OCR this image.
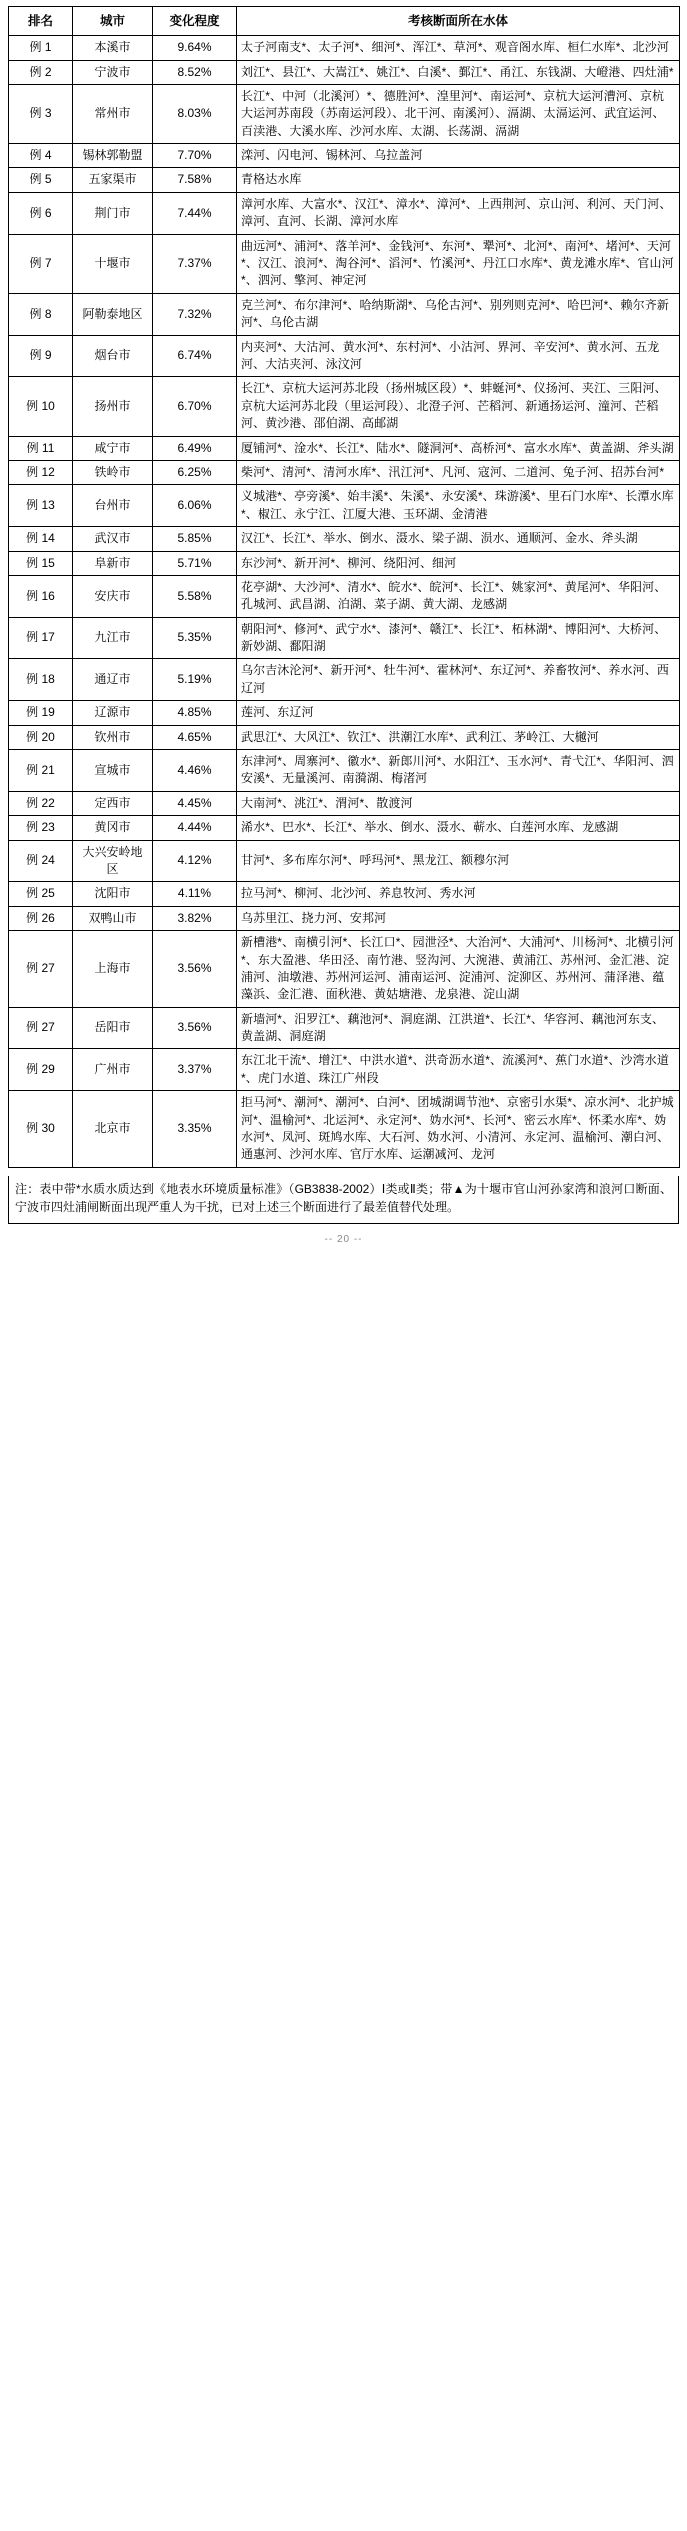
排名	城市	变化程度	考核断面所在水体
例 1	本溪市	9.64%	太子河南支*、太子河*、细河*、浑江*、草河*、观音阁水库、桓仁水库*、北沙河
例 2	宁波市	8.52%	刘江*、县江*、大嵩江*、姚江*、白溪*、鄞江*、甬江、东钱湖、大嶝港、四灶浦*
例 3	常州市	8.03%	长江*、中河（北溪河）*、德胜河*、湟里河*、南运河*、京杭大运河漕河、京杭大运河苏南段（苏南运河段）、北干河、南溪河）、滆湖、太滆运河、武宜运河、百渎港、大溪水库、沙河水库、太湖、长荡湖、滆湖
例 4	锡林郭勒盟	7.70%	滦河、闪电河、锡林河、乌拉盖河
例 5	五家渠市	7.58%	青格达水库
例 6	荆门市	7.44%	漳河水库、大富水*、汉江*、漳水*、漳河*、上西荆河、京山河、利河、天门河、漳河、直河、长湖、漳河水库
例 7	十堰市	7.37%	曲远河*、浦河*、落羊河*、金钱河*、东河*、犟河*、北河*、南河*、堵河*、天河*、汉江、浪河*、淘谷河*、滔河*、竹溪河*、丹江口水库*、黄龙滩水库*、官山河*、泗河、擎河、神定河
例 8	阿勒泰地区	7.32%	克兰河*、布尔津河*、哈纳斯湖*、乌伦古河*、别列则克河*、哈巴河*、赖尔齐新河*、乌伦古湖
例 9	烟台市	6.74%	内夹河*、大沽河、黄水河*、东村河*、小沽河、界河、辛安河*、黄水河、五龙河、大沽夹河、泳汶河
例 10	扬州市	6.70%	长江*、京杭大运河苏北段（扬州城区段）*、蚌蜒河*、仪扬河、夹江、三阳河、京杭大运河苏北段（里运河段）、北澄子河、芒稻河、新通扬运河、潼河、芒稻河、黄沙港、邵伯湖、高邮湖
例 11	咸宁市	6.49%	厦铺河*、淦水*、长江*、陆水*、隧洞河*、高桥河*、富水水库*、黄盖湖、斧头湖
例 12	铁岭市	6.25%	柴河*、清河*、清河水库*、汛江河*、凡河、寇河、二道河、兔子河、招苏台河*
例 13	台州市	6.06%	义城港*、亭旁溪*、始丰溪*、朱溪*、永安溪*、珠游溪*、里石门水库*、长潭水库*、椒江、永宁江、江厦大港、玉环湖、金清港
例 14	武汉市	5.85%	汉江*、长江*、举水、倒水、滠水、梁子湖、涢水、通顺河、金水、斧头湖
例 15	阜新市	5.71%	东沙河*、新开河*、柳河、绕阳河、细河
例 16	安庆市	5.58%	花亭湖*、大沙河*、清水*、皖水*、皖河*、长江*、姚家河*、黄尾河*、华阳河、孔城河、武昌湖、泊湖、菜子湖、黄大湖、龙感湖
例 17	九江市	5.35%	朝阳河*、修河*、武宁水*、漆河*、赣江*、长江*、柘林湖*、博阳河*、大桥河、新妙湖、鄱阳湖
例 18	通辽市	5.19%	乌尔吉沐沦河*、新开河*、牡牛河*、霍林河*、东辽河*、养畜牧河*、养水河、西辽河
例 19	辽源市	4.85%	莲河、东辽河
例 20	钦州市	4.65%	武思江*、大风江*、钦江*、洪潮江水库*、武利江、茅岭江、大樾河
例 21	宣城市	4.46%	东津河*、周寨河*、徽水*、新郎川河*、水阳江*、玉水河*、青弋江*、华阳河、泗安溪*、无量溪河、南漪湖、梅渚河
例 22	定西市	4.45%	大南河*、洮江*、渭河*、散渡河
例 23	黄冈市	4.44%	浠水*、巴水*、长江*、举水、倒水、滠水、蕲水、白莲河水库、龙感湖
例 24	大兴安岭地区	4.12%	甘河*、多布库尔河*、呼玛河*、黑龙江、额穆尔河
例 25	沈阳市	4.11%	拉马河*、柳河、北沙河、养息牧河、秀水河
例 26	双鸭山市	3.82%	乌苏里江、挠力河、安邦河
例 27	上海市	3.56%	新槽港*、南横引河*、长江口*、园泄泾*、大治河*、大浦河*、川杨河*、北横引河*、东大盈港、华田泾、南竹港、竖沟河、大涴港、黄浦江、苏州河、金汇港、淀浦河、油墩港、苏州河运河、浦南运河、淀浦河、淀泖区、苏州河、蒲泽港、蕴藻浜、金汇港、面秋港、黄姑塘港、龙泉港、淀山湖
例 27	岳阳市	3.56%	新墙河*、汨罗江*、藕池河*、洞庭湖、江洪道*、长江*、华容河、藕池河东支、黄盖湖、洞庭湖
例 29	广州市	3.37%	东江北干流*、增江*、中洪水道*、洪奇沥水道*、流溪河*、蕉门水道*、沙湾水道*、虎门水道、珠江广州段
例 30	北京市	3.35%	拒马河*、潮河*、潮河*、白河*、团城湖调节池*、京密引水渠*、凉水河*、北护城河*、温榆河*、北运河*、永定河*、妫水河*、长河*、密云水库*、怀柔水库*、妫水河*、凤河、斑鸠水库、大石河、妫水河、小清河、永定河、温榆河、潮白河、通惠河、沙河水库、官厅水库、运潮减河、龙河
注：表中带*水质水质达到《地表水环境质量标准》（GB3838-2002）Ⅰ类或Ⅱ类；带▲为十堰市官山河孙家湾和浪河口断面、宁波市四灶浦闸断面出现严重人为干扰，已对上述三个断面进行了最差值替代处理。
-- 20 --
